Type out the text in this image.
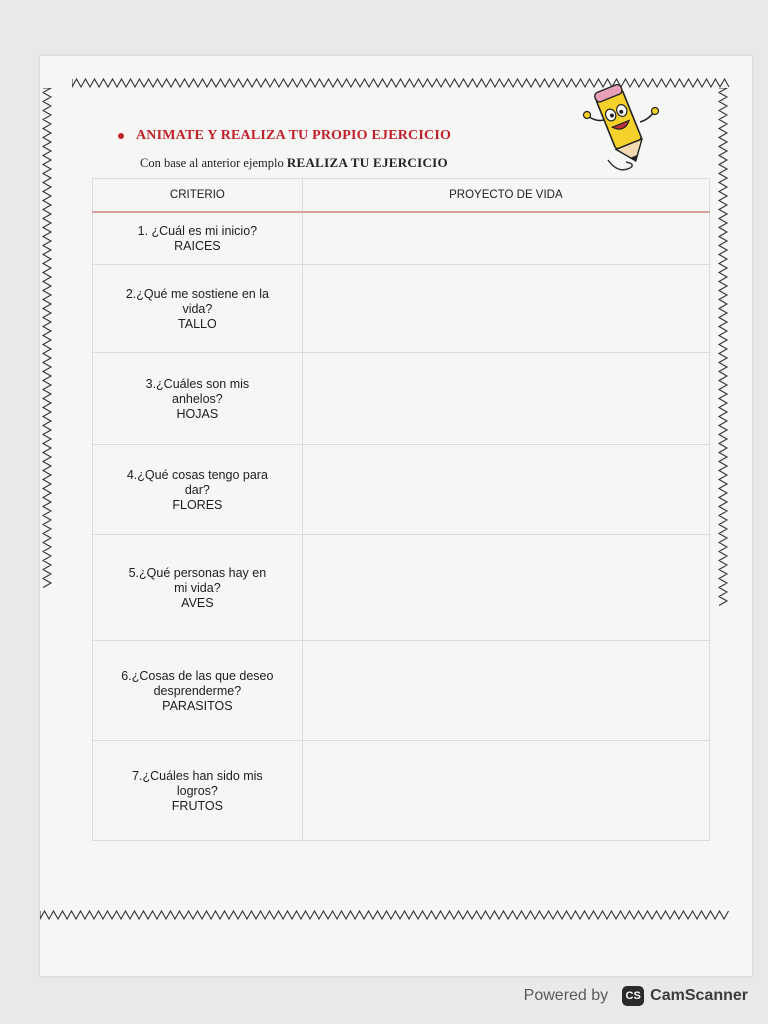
ANIMATE Y REALIZA TU PROPIO EJERCICIO

Con base al anterior ejemplo REALIZA TU EJERCICIO

CRITERIO	PROYECTO DE VIDA

1. ¿Cuál es mi inicio?
RAICES	

2.¿Qué me sostiene en la
vida?
TALLO	

3.¿Cuáles son mis
anhelos?
HOJAS	

4.¿Qué cosas tengo para
dar?
FLORES	

5.¿Qué personas hay en
mi vida?
AVES	

6.¿Cosas de las que deseo
desprenderme?
PARASITOS	

7.¿Cuáles han sido mis
logros?
FRUTOS	

Powered by	CS CamScanner
